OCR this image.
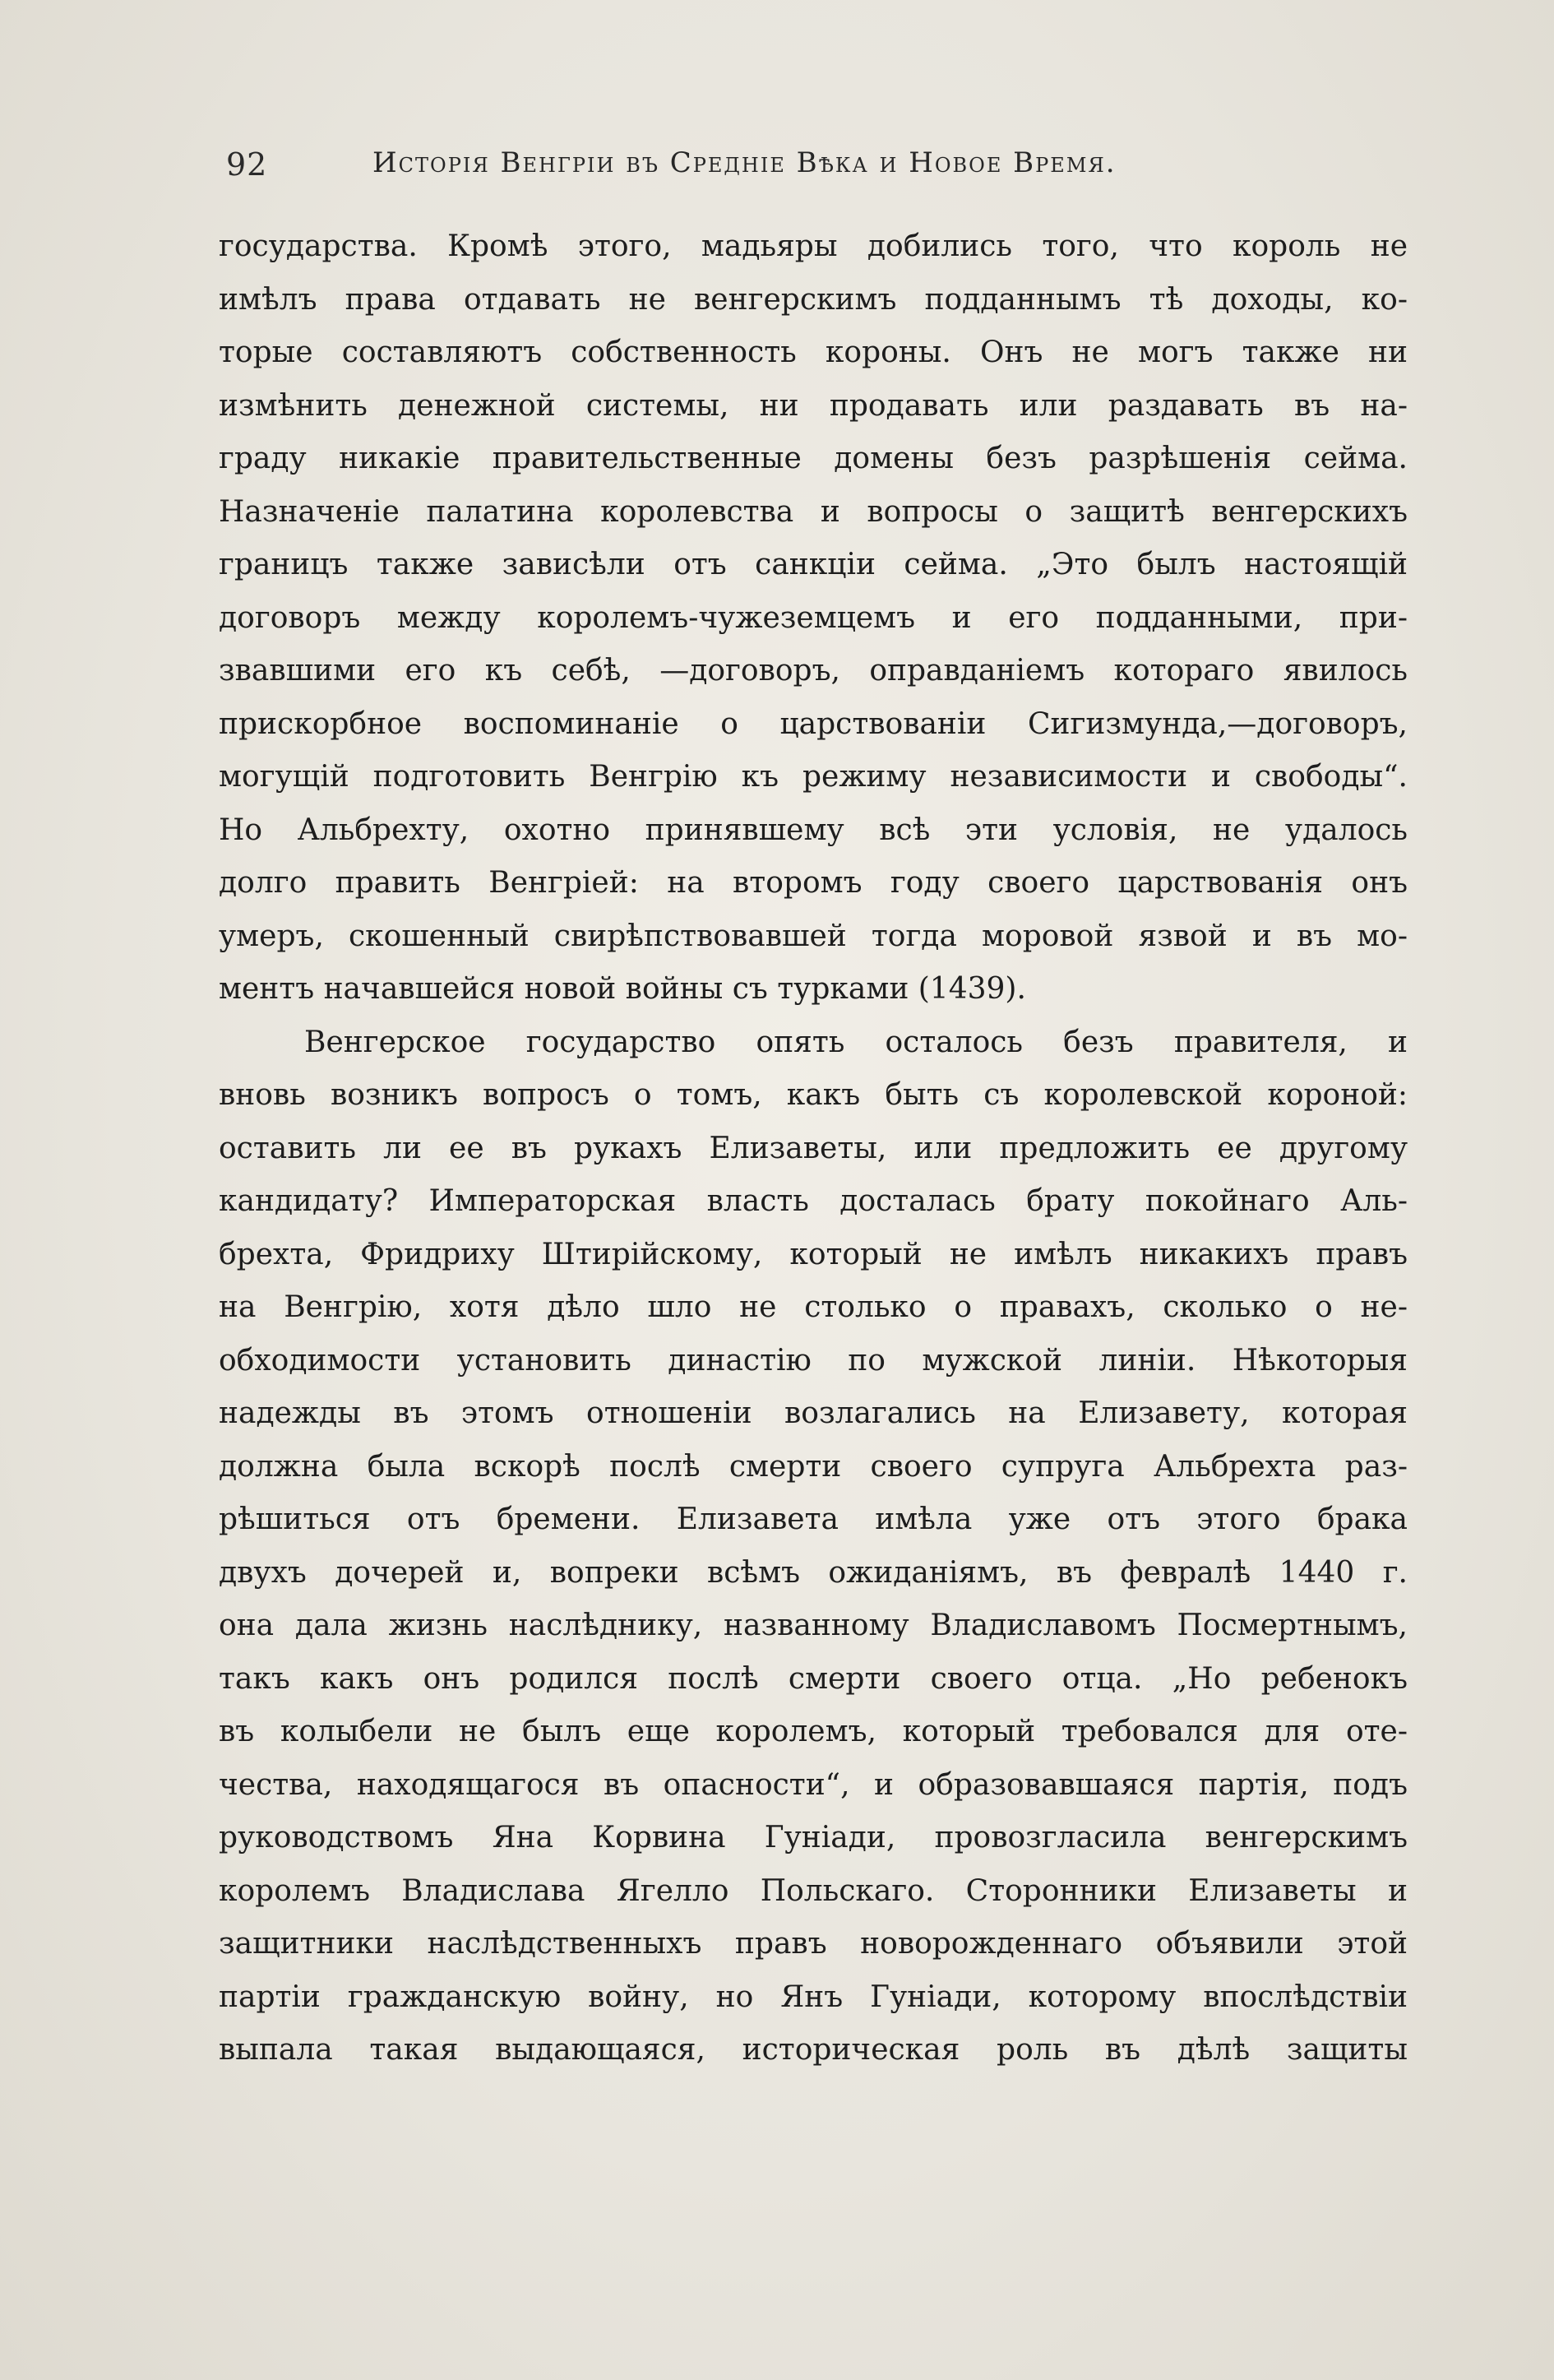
92	Исторія Венгріи въ Средніе Вѣка и Новое Время.
государства. Кромѣ этого, мадьяры добились того, что король не
имѣлъ права отдавать не венгерскимъ подданнымъ тѣ доходы, ко-
торые составляютъ собственность короны. Онъ не могъ также ни
измѣнить денежной системы, ни продавать или раздавать въ на-
граду никакіе правительственные домены безъ разрѣшенія сейма.
Назначеніе палатина королевства и вопросы о защитѣ венгерскихъ
границъ также зависѣли отъ санкціи сейма. „Это былъ настоящій
договоръ между королемъ-чужеземцемъ и его подданными, при-
звавшими его къ себѣ, —договоръ, оправданіемъ котораго явилось
прискорбное воспоминаніе о царствованіи Сигизмунда,—договоръ,
могущій подготовить Венгрію къ режиму независимости и свободы“.
Но Альбрехту, охотно принявшему всѣ эти условія, не удалось
долго править Венгріей: на второмъ году своего царствованія онъ
умеръ, скошенный свирѣпствовавшей тогда моровой язвой и въ мо-
ментъ начавшейся новой войны съ турками (1439).
Венгерское государство опять осталось безъ правителя, и
вновь возникъ вопросъ о томъ, какъ быть съ королевской короной:
оставить ли ее въ рукахъ Елизаветы, или предложить ее другому
кандидату? Императорская власть досталась брату покойнаго Аль-
брехта, Фридриху Штирійскому, который не имѣлъ никакихъ правъ
на Венгрію, хотя дѣло шло не столько о правахъ, сколько о не-
обходимости установить династію по мужской линіи. Нѣкоторыя
надежды въ этомъ отношеніи возлагались на Елизавету, которая
должна была вскорѣ послѣ смерти своего супруга Альбрехта раз-
рѣшиться отъ бремени. Елизавета имѣла уже отъ этого брака
двухъ дочерей и, вопреки всѣмъ ожиданіямъ, въ февралѣ 1440 г.
она дала жизнь наслѣднику, названному Владиславомъ Посмертнымъ,
такъ какъ онъ родился послѣ смерти своего отца. „Но ребенокъ
въ колыбели не былъ еще королемъ, который требовался для оте-
чества, находящагося въ опасности“, и образовавшаяся партія, подъ
руководствомъ Яна Корвина Гуніади, провозгласила венгерскимъ
королемъ Владислава Ягелло Польскаго. Сторонники Елизаветы и
защитники наслѣдственныхъ правъ новорожденнаго объявили этой
партіи гражданскую войну, но Янъ Гуніади, которому впослѣдствіи
выпала такая выдающаяся, историческая роль въ дѣлѣ защиты
